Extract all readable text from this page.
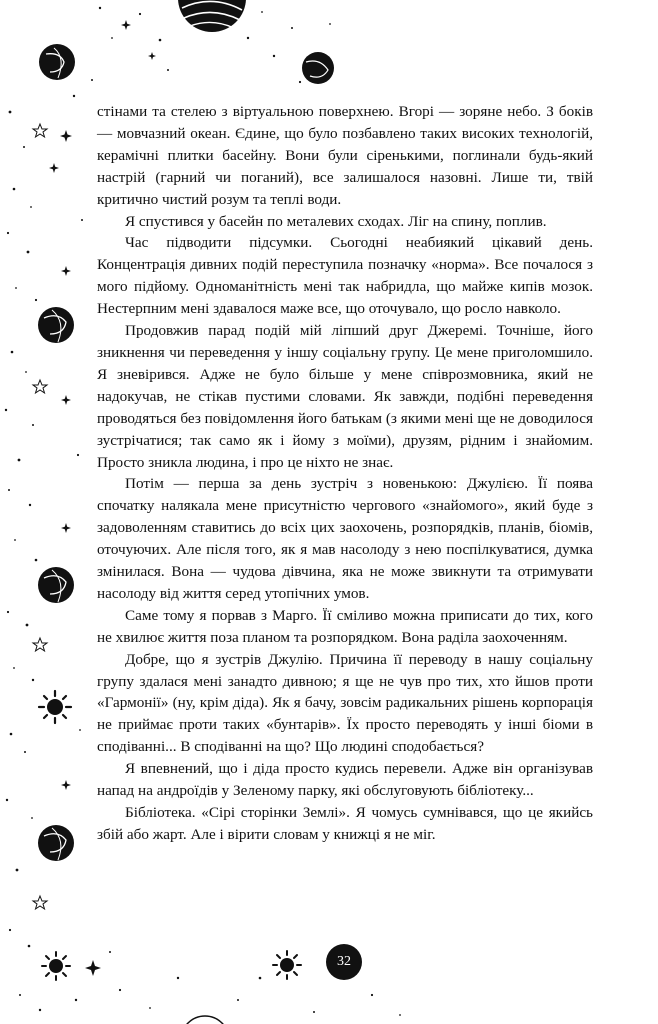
стінами та стелею з віртуальною поверхнею. Вгорі — зоряне небо. З боків — мовчазний океан. Єдине, що було позбавлено таких високих технологій, керамічні плитки басейну. Вони були сіренькими, поглинали будь-який настрій (гарний чи поганий), все залишалося назовні. Лише ти, твій критично чистий розум та теплі води.

Я спустився у басейн по металевих сходах. Ліг на спину, поплив.

Час підводити підсумки. Сьогодні неабиякий цікавий день. Концентрація дивних подій переступила позначку «норма». Все почалося з мого підйому. Одноманітність мені так набридла, що майже кипів мозок. Нестерпним мені здавалося маже все, що оточувало, що росло навколо.

Продовжив парад подій мій ліпший друг Джеремі. Точніше, його зникнення чи переведення у іншу соціальну групу. Це мене приголомшило. Я зневірився. Адже не було більше у мене співрозмовника, який не надокучав, не стікав пустими словами. Як завжди, подібні переведення проводяться без повідомлення його батькам (з якими мені ще не доводилося зустрічатися; так само як і йому з моїми), друзям, рідним і знайомим. Просто зникла людина, і про це ніхто не знає.

Потім — перша за день зустріч з новенькою: Джулією. Її поява спочатку налякала мене присутністю чергового «знайомого», який буде з задоволенням ставитись до всіх цих заохочень, розпорядків, планів, біомів, оточуючих. Але після того, як я мав насолоду з нею поспілкуватися, думка змінилася. Вона — чудова дівчина, яка не може звикнути та отримувати насолоду від життя серед утопічних умов.

Саме тому я порвав з Марго. Її сміливо можна приписати до тих, кого не хвилює життя поза планом та розпорядком. Вона раділа заохоченням.

Добре, що я зустрів Джулію. Причина її переводу в нашу соціальну групу здалася мені занадто дивною; я ще не чув про тих, хто йшов проти «Гармонії» (ну, крім діда). Як я бачу, зовсім радикальних рішень корпорація не приймає проти таких «бунтарів». Їх просто переводять у інші біоми в сподіванні... В сподіванні на що? Що людині сподобається?

Я впевнений, що і діда просто кудись перевели. Адже він організував напад на андроїдів у Зеленому парку, які обслуговують бібліотеку...

Бібліотека. «Сірі сторінки Землі». Я чомусь сумнівався, що це якийсь збій або жарт. Але і вірити словам у книжці я не міг.

32
